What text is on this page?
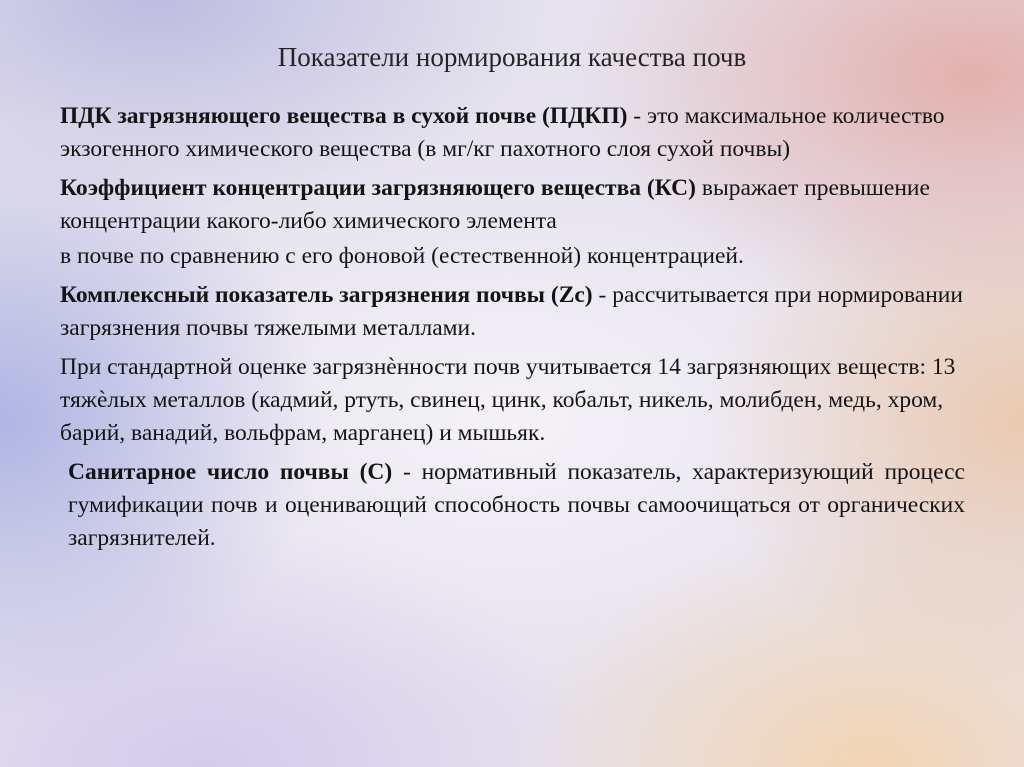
Показатели нормирования качества почв

ПДК загрязняющего вещества в сухой почве (ПДКП) - это максимальное количество экзогенного химического вещества (в мг/кг пахотного слоя сухой почвы)

Коэффициент концентрации загрязняющего вещества (КС) выражает превышение концентрации какого-либо химического элемента

в почве по сравнению с его фоновой (естественной) концентрацией.

Комплексный показатель загрязнения почвы (Zc) - рассчитывается при нормировании загрязнения почвы тяжелыми металлами.

При стандартной оценке загрязнѐнности почв учитывается 14 загрязняющих веществ: 13 тяжѐлых металлов (кадмий, ртуть, свинец, цинк, кобальт, никель, молибден, медь, хром, барий, ванадий, вольфрам, марганец) и мышьяк.

Санитарное число почвы (С) - нормативный показатель, характеризующий процесс гумификации почв и оценивающий способность почвы самоочищаться от органических загрязнителей.
